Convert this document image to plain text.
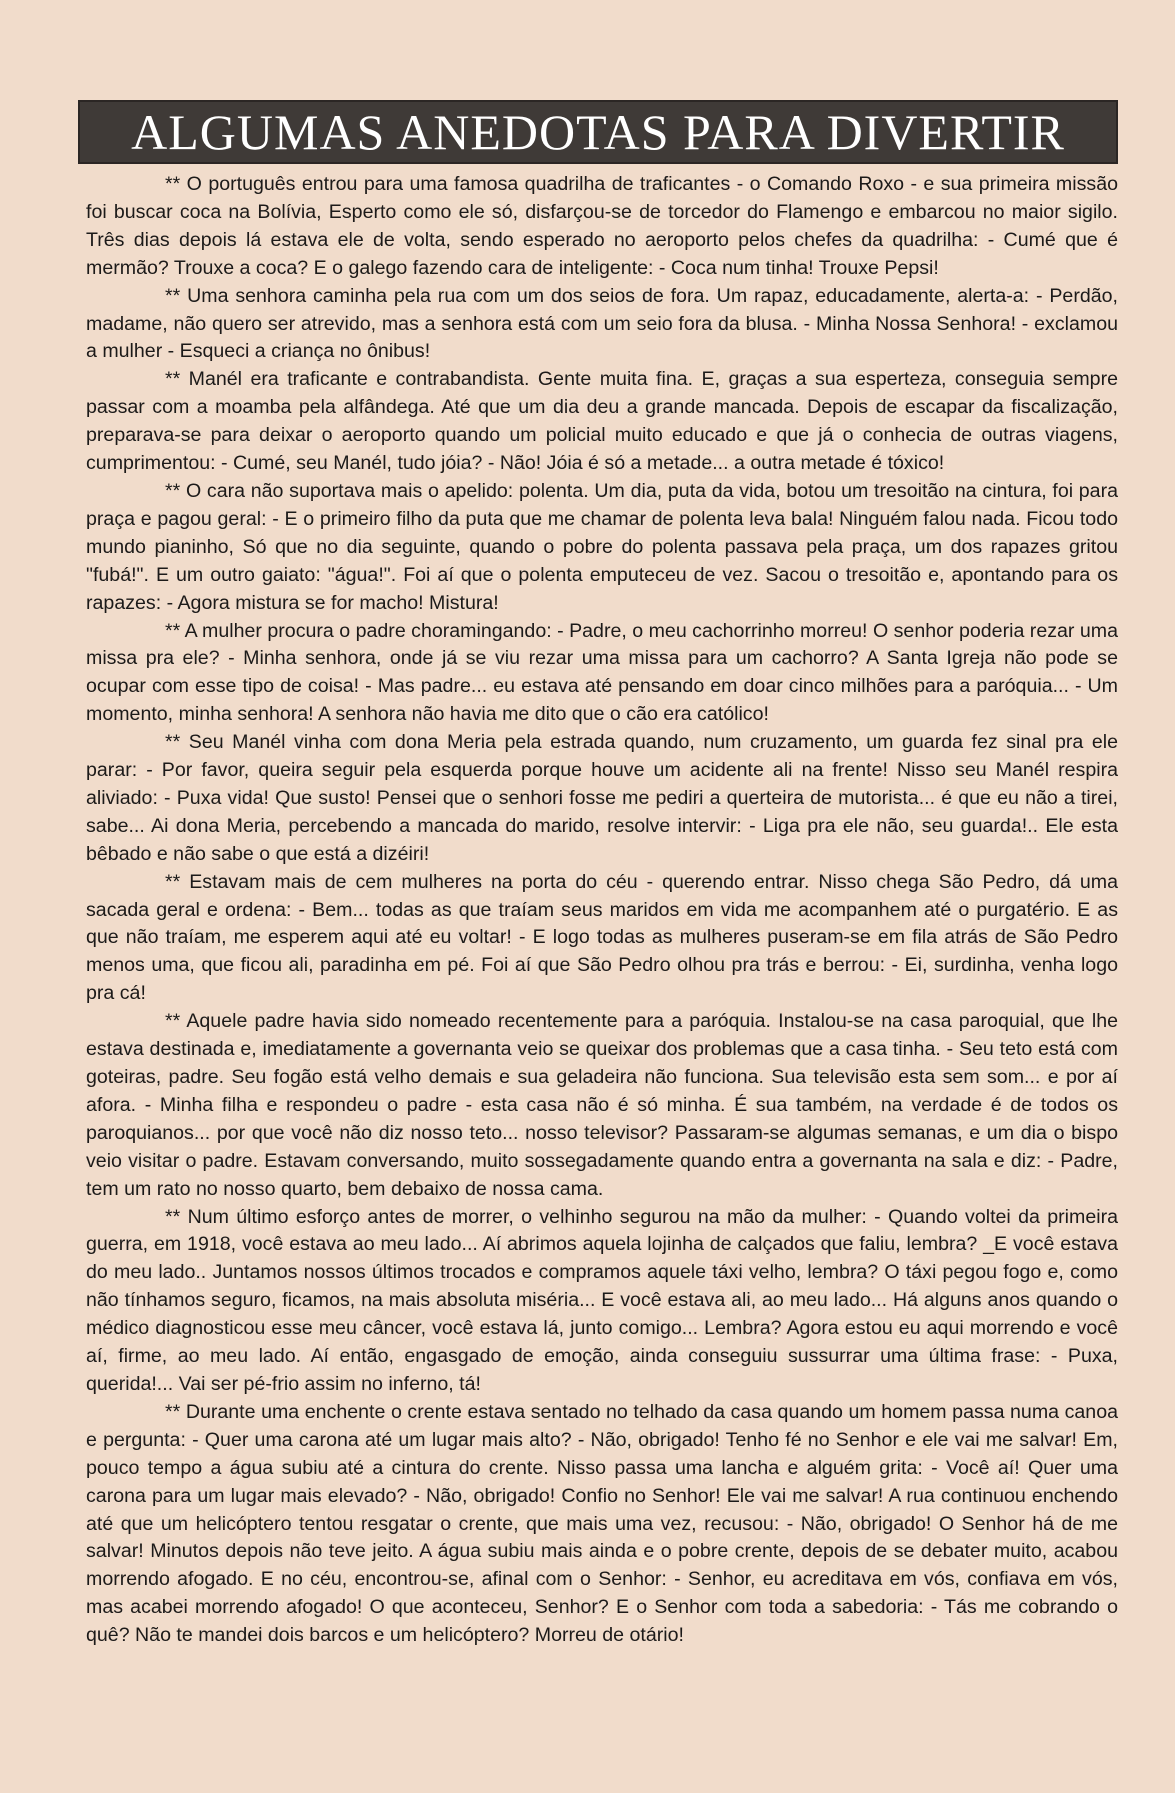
ALGUMAS ANEDOTAS PARA DIVERTIR

** O português entrou para uma famosa quadrilha de traficantes - o Comando Roxo - e sua primeira missão foi buscar coca na Bolívia, Esperto como ele só, disfarçou-se de torcedor do Flamengo e embarcou no maior sigilo. Três dias depois lá estava ele de volta, sendo esperado no aeroporto pelos chefes da quadrilha: - Cumé que é mermão? Trouxe a coca? E o galego fazendo cara de inteligente: - Coca num tinha! Trouxe Pepsi!

** Uma senhora caminha pela rua com um dos seios de fora. Um rapaz, educadamente, alerta-a: - Perdão, madame, não quero ser atrevido, mas a senhora está com um seio fora da blusa. - Minha Nossa Senhora! - exclamou a mulher - Esqueci a criança no ônibus!

** Manél era traficante e contrabandista. Gente muita fina. E, graças a sua esperteza, conseguia sempre passar com a moamba pela alfândega. Até que um dia deu a grande mancada. Depois de escapar da fiscalização, preparava-se para deixar o aeroporto quando um policial muito educado e que já o conhecia de outras viagens, cumprimentou: - Cumé, seu Manél, tudo jóia? - Não! Jóia é só a metade... a outra metade é tóxico!

** O cara não suportava mais o apelido: polenta. Um dia, puta da vida, botou um tresoitão na cintura, foi para praça e pagou geral: - E o primeiro filho da puta que me chamar de polenta leva bala! Ninguém falou nada. Ficou todo mundo pianinho, Só que no dia seguinte, quando o pobre do polenta passava pela praça, um dos rapazes gritou "fubá!". E um outro gaiato: "água!". Foi aí que o polenta emputeceu de vez. Sacou o tresoitão e, apontando para os rapazes: - Agora mistura se for macho! Mistura!

** A mulher procura o padre choramingando: - Padre, o meu cachorrinho morreu! O senhor poderia rezar uma missa pra ele? - Minha senhora, onde já se viu rezar uma missa para um cachorro? A Santa Igreja não pode se ocupar com esse tipo de coisa! - Mas padre... eu estava até pensando em doar cinco milhões para a paróquia... - Um momento, minha senhora! A senhora não havia me dito que o cão era católico!

** Seu Manél vinha com dona Meria pela estrada quando, num cruzamento, um guarda fez sinal pra ele parar: - Por favor, queira seguir pela esquerda porque houve um acidente ali na frente! Nisso seu Manél respira aliviado: - Puxa vida! Que susto! Pensei que o senhori fosse me pediri a querteira de mutorista... é que eu não a tirei, sabe... Ai dona Meria, percebendo a mancada do marido, resolve intervir: - Liga pra ele não, seu guarda!.. Ele esta bêbado e não sabe o que está a dizéiri!

** Estavam mais de cem mulheres na porta do céu - querendo entrar. Nisso chega São Pedro, dá uma sacada geral e ordena: - Bem... todas as que traíam seus maridos em vida me acompanhem até o purgatério. E as que não traíam, me esperem aqui até eu voltar! - E logo todas as mulheres puseram-se em fila atrás de São Pedro menos uma, que ficou ali, paradinha em pé. Foi aí que São Pedro olhou pra trás e berrou: - Ei, surdinha, venha logo pra cá!

** Aquele padre havia sido nomeado recentemente para a paróquia. Instalou-se na casa paroquial, que lhe estava destinada e, imediatamente a governanta veio se queixar dos problemas que a casa tinha. - Seu teto está com goteiras, padre. Seu fogão está velho demais e sua geladeira não funciona. Sua televisão esta sem som... e por aí afora. - Minha filha e respondeu o padre - esta casa não é só minha. É sua também, na verdade é de todos os paroquianos... por que você não diz nosso teto... nosso televisor? Passaram-se algumas semanas, e um dia o bispo veio visitar o padre. Estavam conversando, muito sossegadamente quando entra a governanta na sala e diz: - Padre, tem um rato no nosso quarto, bem debaixo de nossa cama.

** Num último esforço antes de morrer, o velhinho segurou na mão da mulher: - Quando voltei da primeira guerra, em 1918, você estava ao meu lado... Aí abrimos aquela lojinha de calçados que faliu, lembra? _E você estava do meu lado.. Juntamos nossos últimos trocados e compramos aquele táxi velho, lembra? O táxi pegou fogo e, como não tínhamos seguro, ficamos, na mais absoluta miséria... E você estava ali, ao meu lado... Há alguns anos quando o médico diagnosticou esse meu câncer, você estava lá, junto comigo... Lembra? Agora estou eu aqui morrendo e você aí, firme, ao meu lado. Aí então, engasgado de emoção, ainda conseguiu sussurrar uma última frase: - Puxa, querida!... Vai ser pé-frio assim no inferno, tá!

** Durante uma enchente o crente estava sentado no telhado da casa quando um homem passa numa canoa e pergunta: - Quer uma carona até um lugar mais alto? - Não, obrigado! Tenho fé no Senhor e ele vai me salvar! Em, pouco tempo a água subiu até a cintura do crente. Nisso passa uma lancha e alguém grita: - Você aí! Quer uma carona para um lugar mais elevado? - Não, obrigado! Confio no Senhor! Ele vai me salvar! A rua continuou enchendo até que um helicóptero tentou resgatar o crente, que mais uma vez, recusou: - Não, obrigado! O Senhor há de me salvar! Minutos depois não teve jeito. A água subiu mais ainda e o pobre crente, depois de se debater muito, acabou morrendo afogado. E no céu, encontrou-se, afinal com o Senhor: - Senhor, eu acreditava em vós, confiava em vós, mas acabei morrendo afogado! O que aconteceu, Senhor? E o Senhor com toda a sabedoria: - Tás me cobrando o quê? Não te mandei dois barcos e um helicóptero? Morreu de otário!
